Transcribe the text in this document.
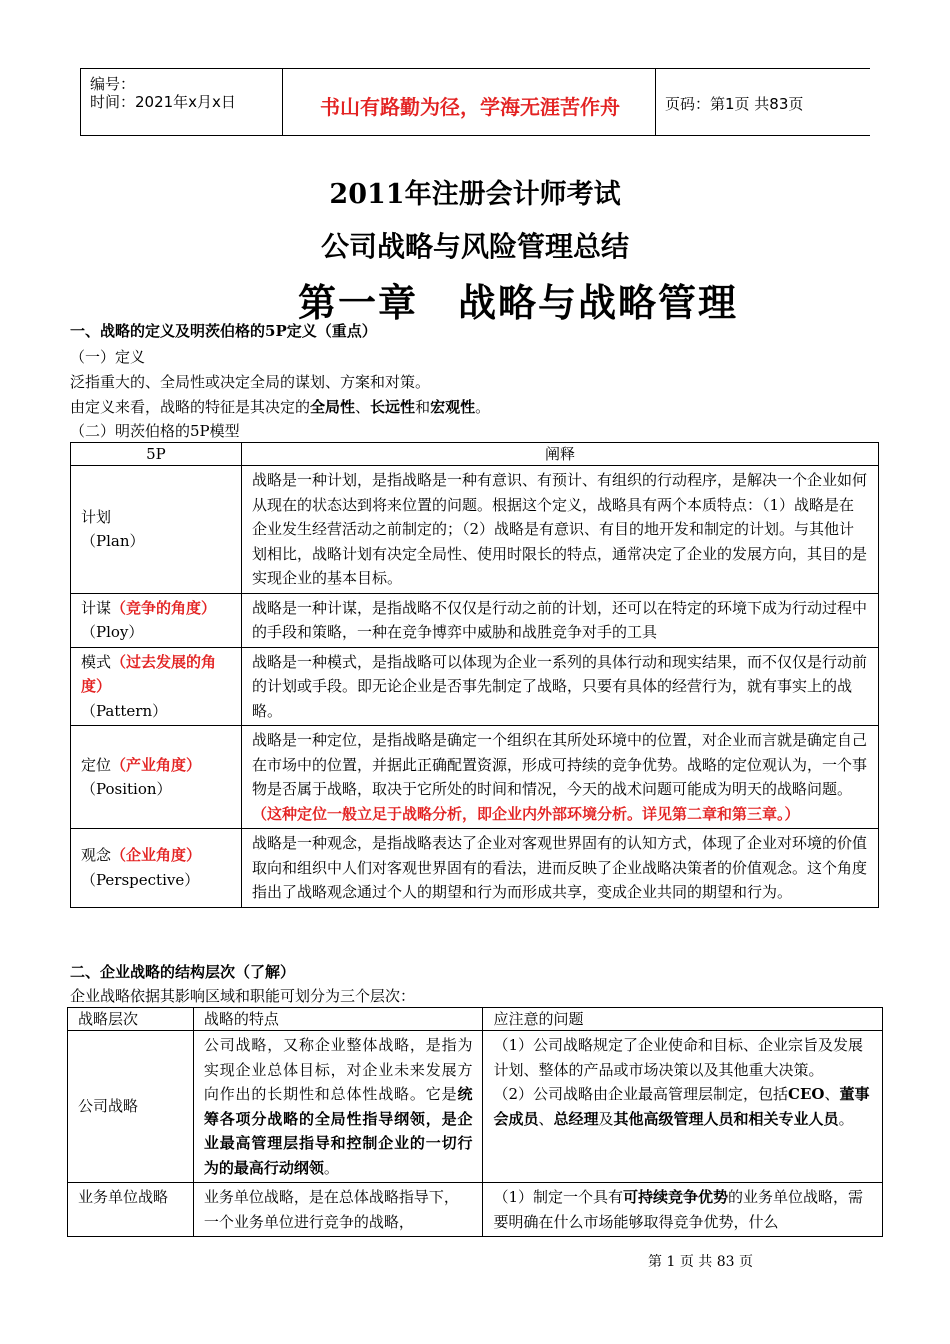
编号：
时间：2021年x月x日	书山有路勤为径，学海无涯苦作舟	页码：第1页 共83页
2011年注册会计师考试
公司战略与风险管理总结
第一章　战略与战略管理
一、战略的定义及明茨伯格的5P定义（重点）
（一）定义
泛指重大的、全局性或决定全局的谋划、方案和对策。
由定义来看，战略的特征是其决定的全局性、长远性和宏观性。
（二）明茨伯格的5P模型
5P	阐释
计划
（Plan）	战略是一种计划，是指战略是一种有意识、有预计、有组织的行动程序，是解决一个企业如何从现在的状态达到将来位置的问题。根据这个定义，战略具有两个本质特点：（1）战略是在企业发生经营活动之前制定的；（2）战略是有意识、有目的地开发和制定的计划。与其他计划相比，战略计划有决定全局性、使用时限长的特点，通常决定了企业的发展方向，其目的是实现企业的基本目标。
计谋（竞争的角度）
（Ploy）	战略是一种计谋，是指战略不仅仅是行动之前的计划，还可以在特定的环境下成为行动过程中的手段和策略，一种在竞争博弈中威胁和战胜竞争对手的工具
模式（过去发展的角度）
（Pattern）	战略是一种模式，是指战略可以体现为企业一系列的具体行动和现实结果，而不仅仅是行动前的计划或手段。即无论企业是否事先制定了战略，只要有具体的经营行为，就有事实上的战略。
定位（产业角度）
（Position）	战略是一种定位，是指战略是确定一个组织在其所处环境中的位置，对企业而言就是确定自己在市场中的位置，并据此正确配置资源，形成可持续的竞争优势。战略的定位观认为，一个事物是否属于战略，取决于它所处的时间和情况，今天的战术问题可能成为明天的战略问题。（这种定位一般立足于战略分析，即企业内外部环境分析。详见第二章和第三章。）
观念（企业角度）
（Perspective）	战略是一种观念，是指战略表达了企业对客观世界固有的认知方式，体现了企业对环境的价值取向和组织中人们对客观世界固有的看法，进而反映了企业战略决策者的价值观念。这个角度指出了战略观念通过个人的期望和行为而形成共享，变成企业共同的期望和行为。
二、企业战略的结构层次（了解）
企业战略依据其影响区域和职能可划分为三个层次：
战略层次	战略的特点	应注意的问题
公司战略	公司战略，又称企业整体战略，是指为实现企业总体目标，对企业未来发展方向作出的长期性和总体性战略。它是统筹各项分战略的全局性指导纲领，是企业最高管理层指导和控制企业的一切行为的最高行动纲领。	（1）公司战略规定了企业使命和目标、企业宗旨及发展计划、整体的产品或市场决策以及其他重大决策。
（2）公司战略由企业最高管理层制定，包括CEO、董事会成员、总经理及其他高级管理人员和相关专业人员。

业务单位战略	业务单位战略，是在总体战略指导下，一个业务单位进行竞争的战略，	（1）制定一个具有可持续竞争优势的业务单位战略，需要明确在什么市场能够取得竞争优势，什么
第 1 页 共 83 页
